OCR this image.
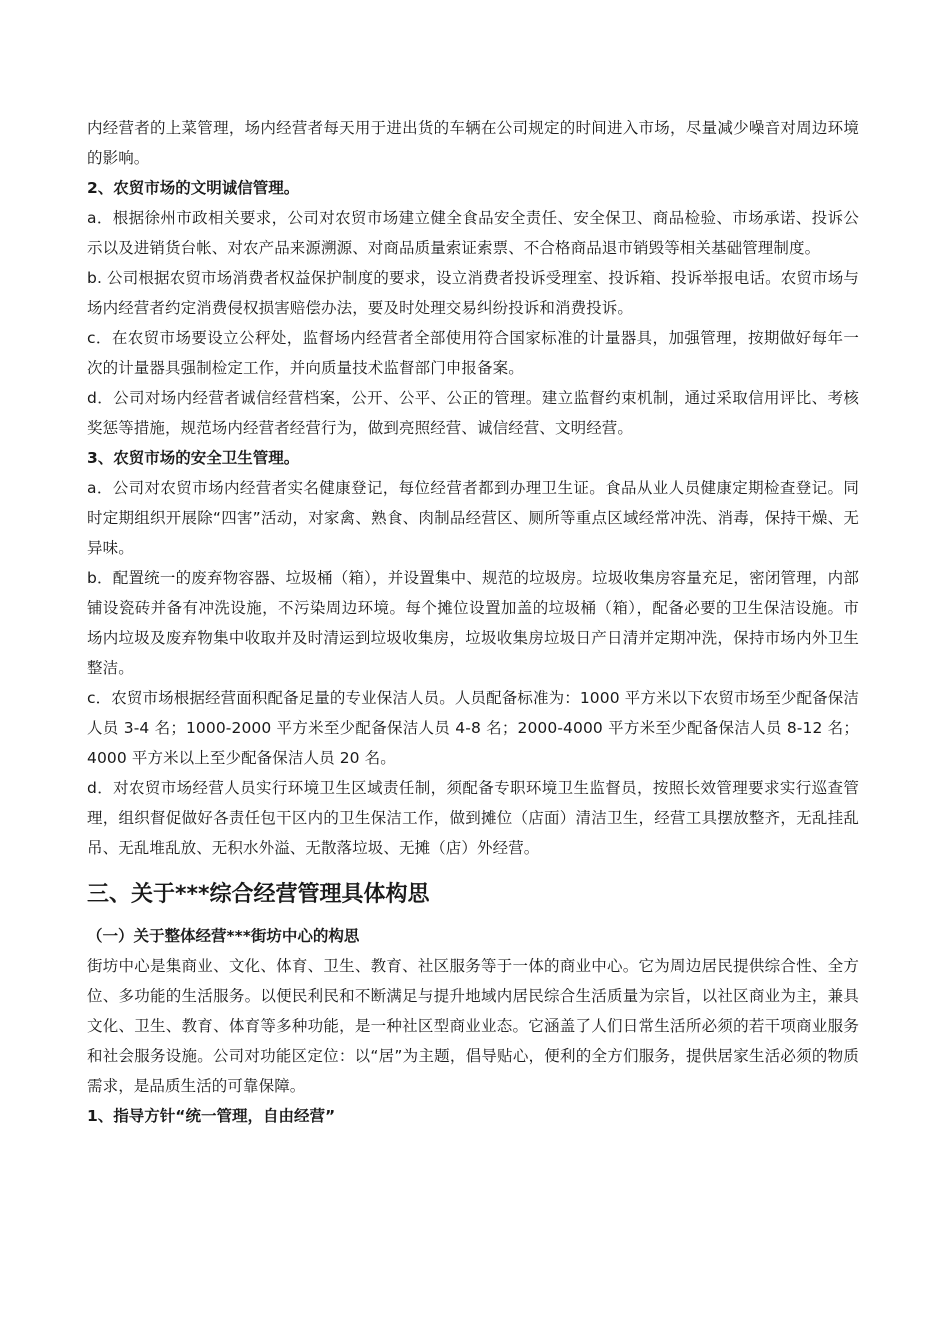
内经营者的上菜管理，场内经营者每天用于进出货的车辆在公司规定的时间进入市场，尽量减少噪音对周边环境的影响。

2、农贸市场的文明诚信管理。

a．根据徐州市政相关要求，公司对农贸市场建立健全食品安全责任、安全保卫、商品检验、市场承诺、投诉公示以及进销货台帐、对农产品来源溯源、对商品质量索证索票、不合格商品退市销毁等相关基础管理制度。

b. 公司根据农贸市场消费者权益保护制度的要求，设立消费者投诉受理室、投诉箱、投诉举报电话。农贸市场与场内经营者约定消费侵权损害赔偿办法，要及时处理交易纠纷投诉和消费投诉。

c．在农贸市场要设立公秤处，监督场内经营者全部使用符合国家标准的计量器具，加强管理，按期做好每年一次的计量器具强制检定工作，并向质量技术监督部门申报备案。

d．公司对场内经营者诚信经营档案，公开、公平、公正的管理。建立监督约束机制，通过采取信用评比、考核奖惩等措施，规范场内经营者经营行为，做到亮照经营、诚信经营、文明经营。

3、农贸市场的安全卫生管理。

a．公司对农贸市场内经营者实名健康登记，每位经营者都到办理卫生证。食品从业人员健康定期检查登记。同时定期组织开展除“四害”活动，对家禽、熟食、肉制品经营区、厕所等重点区域经常冲洗、消毒，保持干燥、无异味。

b．配置统一的废弃物容器、垃圾桶（箱），并设置集中、规范的垃圾房。垃圾收集房容量充足，密闭管理，内部铺设瓷砖并备有冲洗设施，不污染周边环境。每个摊位设置加盖的垃圾桶（箱），配备必要的卫生保洁设施。市场内垃圾及废弃物集中收取并及时清运到垃圾收集房，垃圾收集房垃圾日产日清并定期冲洗，保持市场内外卫生整洁。

c．农贸市场根据经营面积配备足量的专业保洁人员。人员配备标准为：1000 平方米以下农贸市场至少配备保洁人员 3-4 名；1000-2000 平方米至少配备保洁人员 4-8 名；2000-4000 平方米至少配备保洁人员 8-12 名；4000 平方米以上至少配备保洁人员 20 名。

d．对农贸市场经营人员实行环境卫生区域责任制，须配备专职环境卫生监督员，按照长效管理要求实行巡查管理，组织督促做好各责任包干区内的卫生保洁工作，做到摊位（店面）清洁卫生，经营工具摆放整齐，无乱挂乱吊、无乱堆乱放、无积水外溢、无散落垃圾、无摊（店）外经营。

三、关于***综合经营管理具体构思

（一）关于整体经营***街坊中心的构思

街坊中心是集商业、文化、体育、卫生、教育、社区服务等于一体的商业中心。它为周边居民提供综合性、全方位、多功能的生活服务。以便民利民和不断满足与提升地域内居民综合生活质量为宗旨，以社区商业为主，兼具文化、卫生、教育、体育等多种功能，是一种社区型商业业态。它涵盖了人们日常生活所必须的若干项商业服务和社会服务设施。公司对功能区定位：以“居”为主题，倡导贴心，便利的全方们服务，提供居家生活必须的物质需求，是品质生活的可靠保障。

1、指导方针“统一管理，自由经营”
